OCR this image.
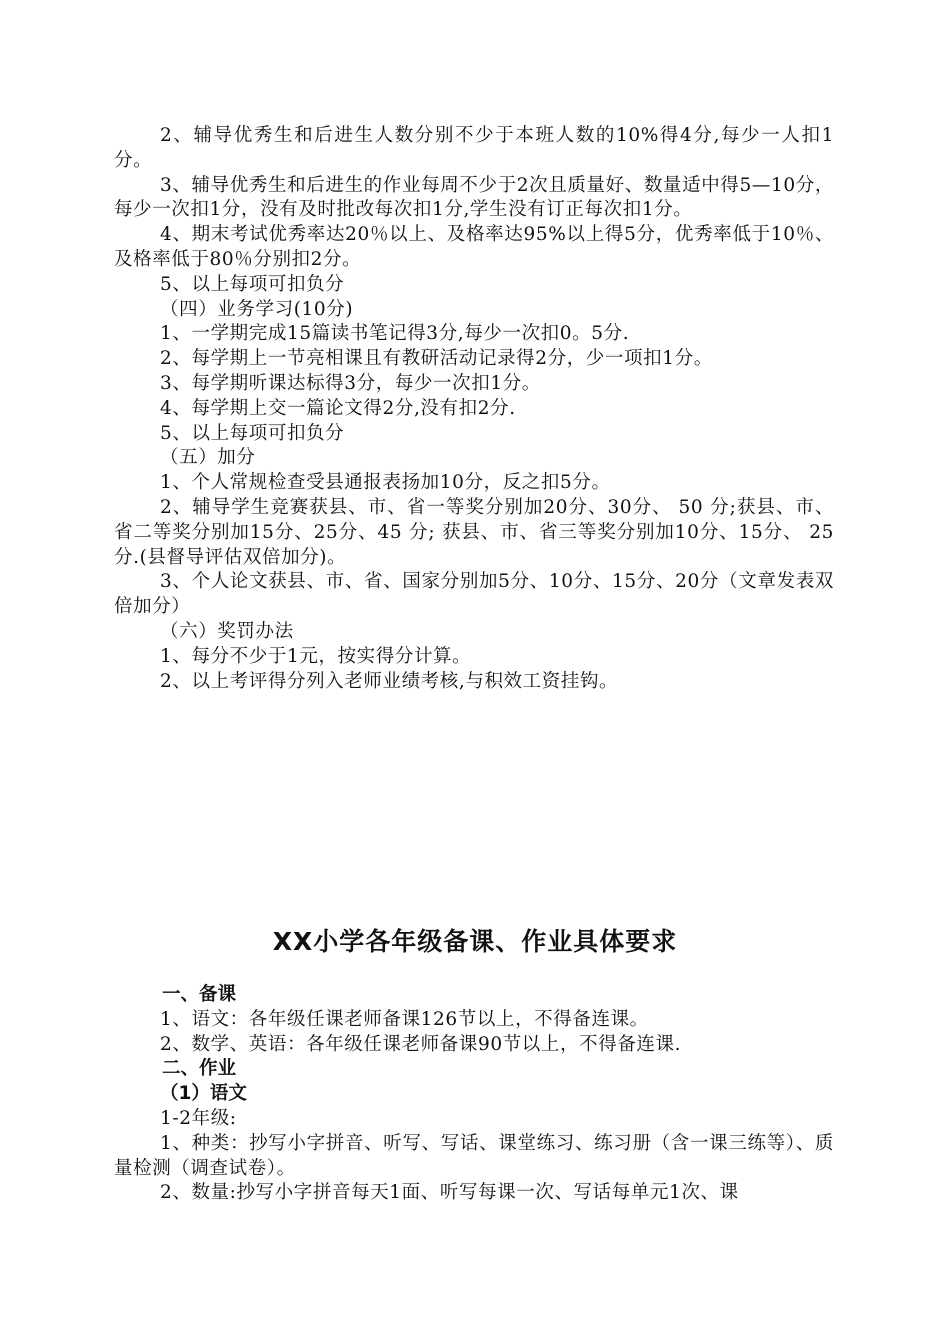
2、辅导优秀生和后进生人数分别不少于本班人数的10%得4分,每少一人扣1分。

3、辅导优秀生和后进生的作业每周不少于2次且质量好、数量适中得5—10分，每少一次扣1分，没有及时批改每次扣1分,学生没有订正每次扣1分。

4、期末考试优秀率达20％以上、及格率达95%以上得5分，优秀率低于10％、及格率低于80％分别扣2分。

5、以上每项可扣负分

（四）业务学习(10分)

1、一学期完成15篇读书笔记得3分,每少一次扣0。5分.

2、每学期上一节亮相课且有教研活动记录得2分，少一项扣1分。

3、每学期听课达标得3分，每少一次扣1分。

4、每学期上交一篇论文得2分,没有扣2分.

5、以上每项可扣负分

（五）加分

1、个人常规检查受县通报表扬加10分，反之扣5分。

2、辅导学生竞赛获县、市、省一等奖分别加20分、30分、 50 分;获县、市、省二等奖分别加15分、25分、45 分; 获县、市、省三等奖分别加10分、15分、 25 分.(县督导评估双倍加分)。

3、个人论文获县、市、省、国家分别加5分、10分、15分、20分（文章发表双倍加分）

（六）奖罚办法

1、每分不少于1元，按实得分计算。

2、以上考评得分列入老师业绩考核,与积效工资挂钩。

XX小学各年级备课、作业具体要求

一、备课

1、语文：各年级任课老师备课126节以上，不得备连课。

2、数学、英语：各年级任课老师备课90节以上，不得备连课.

二、作业

（1）语文

1-2年级:

1、种类：抄写小字拼音、听写、写话、课堂练习、练习册（含一课三练等）、质量检测（调查试卷）。

2、数量:抄写小字拼音每天1面、听写每课一次、写话每单元1次、课
